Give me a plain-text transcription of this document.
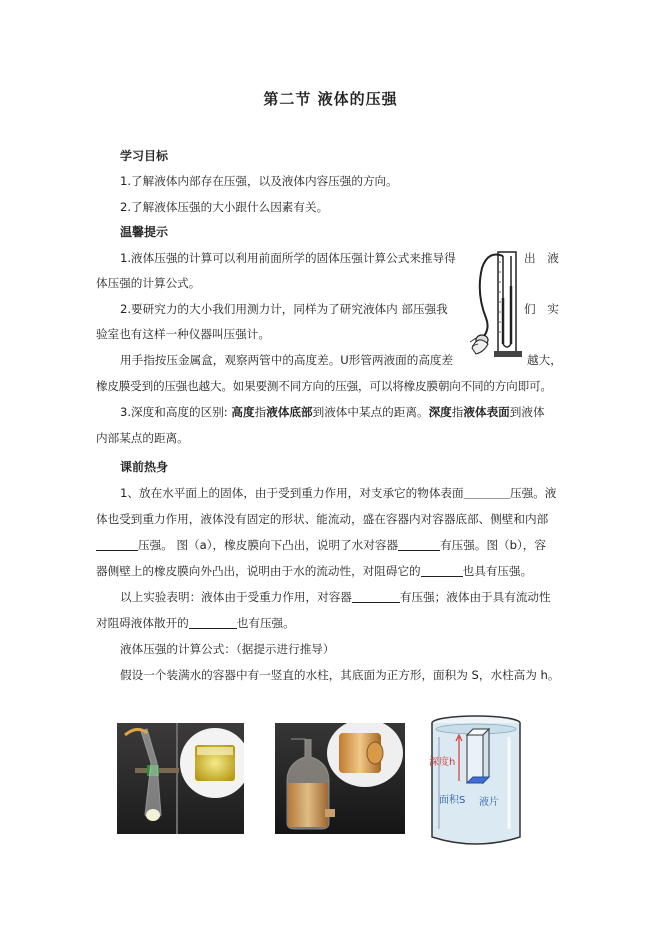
第二节 液体的压强
学习目标
1.了解液体内部存在压强，以及液体内容压强的方向。
2.了解液体压强的大小跟什么因素有关。
温馨提示
1.液体压强的计算可以利用前面所学的固体压强计算公式来推导得	出　液
体压强的计算公式。
2.要研究力的大小我们用测力计，同样为了研究液体内 部压强我	们　实
验室也有这样一种仪器叫压强计。
用手指按压金属盒，观察两管中的高度差。U形管两液面的高度差	越大，
橡皮膜受到的压强也越大。如果要测不同方向的压强，可以将橡皮膜朝向不同的方向即可。
3.深度和高度的区别: 高度指液体底部到液体中某点的距离。深度指液体表面到液体
内部某点的距离。
课前热身
1、放在水平面上的固体，由于受到重力作用，对支承它的物体表面＿＿＿＿压强。液
体也受到重力作用，液体没有固定的形状、能流动，盛在容器内对容器底部、侧壁和内部
压强。 图（a），橡皮膜向下凸出，说明了水对容器	有压强。图（b），容
器侧壁上的橡皮膜向外凸出，说明由于水的流动性，对阻碍它的	也具有压强。
以上实验表明：液体由于受重力作用，对容器	有压强；液体由于具有流动性
对阻碍液体散开的	也有压强。
液体压强的计算公式：（据提示进行推导）
假设一个装满水的容器中有一竖直的水柱，其底面为正方形，面积为 S，水柱高为 h。
深度h
面积S 液片
